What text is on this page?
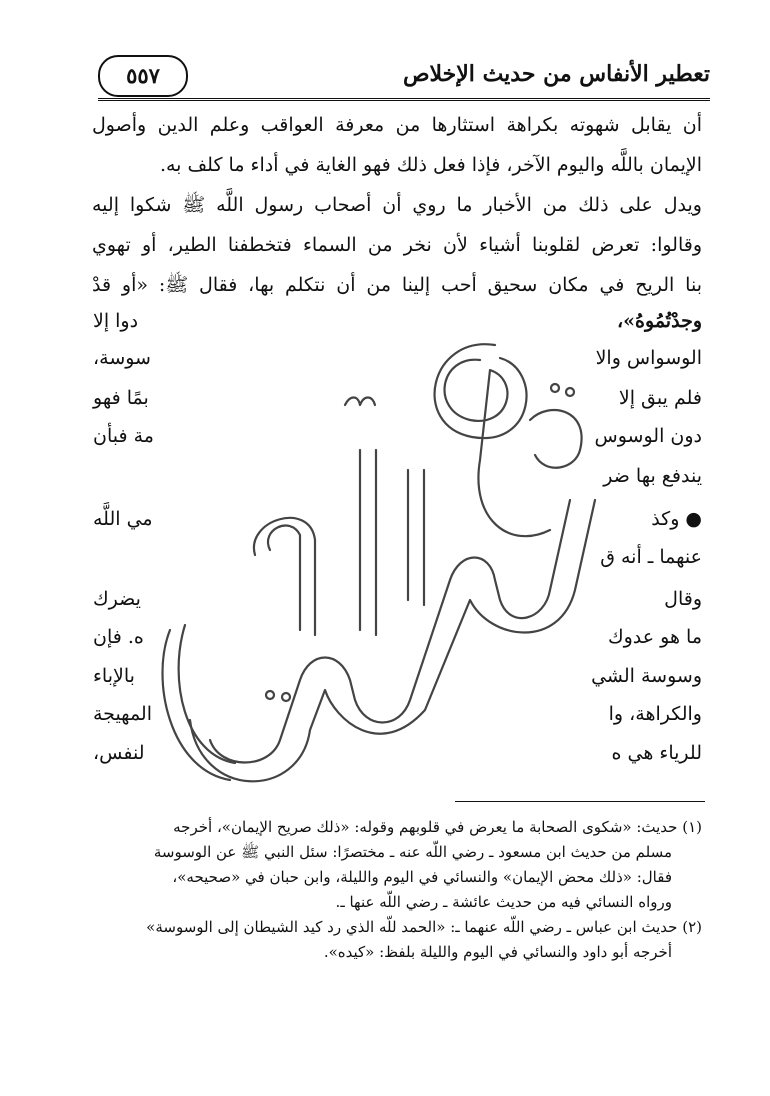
تعطير الأنفاس من حديث الإخلاص
٥٥٧
أن يقابل شهوته بكراهة استثارها من معرفة العواقب وعلم الدين وأصول
الإيمان باللَّه واليوم الآخر، فإذا فعل ذلك فهو الغاية في أداء ما كلف به.
ويدل على ذلك من الأخبار ما روي أن أصحاب رسول اللَّه ﷺ شكوا إليه
وقالوا: تعرض لقلوبنا أشياء لأن نخر من السماء فتخطفنا الطير، أو تهوي
بنا الريح في مكان سحيق أحب إلينا من أن نتكلم بها، فقال ﷺ: «أو قدْ
وجدْتُمُوهُ»،
الوسواس والا
فلم يبق إلا
دون الوسوس
يندفع بها ضر
● وكذ
عنهما ـ أنه ق
وقال
ما هو عدوك
وسوسة الشي
والكراهة، وا
للرياء هي ه
دوا إلا
سوسة،
بمًا فهو
مة فبأن
مي اللَّه
يضرك
ه. فإن
بالإباء
المهيجة
لنفس،
(١) حديث: «شكوى الصحابة ما يعرض في قلوبهم وقوله: «ذلك صريح الإيمان»، أخرجه
مسلم من حديث ابن مسعود ـ رضي اللَّه عنه ـ مختصرًا: سئل النبي ﷺ عن الوسوسة
فقال: «ذلك محض الإيمان» والنسائي في اليوم والليلة، وابن حبان في «صحيحه»،
ورواه النسائي فيه من حديث عائشة ـ رضي اللَّه عنها ـ.
(٢) حديث ابن عباس ـ رضي اللَّه عنهما ـ: «الحمد للَّه الذي رد كيد الشيطان إلى الوسوسة»
أخرجه أبو داود والنسائي في اليوم والليلة بلفظ: «كيده».
